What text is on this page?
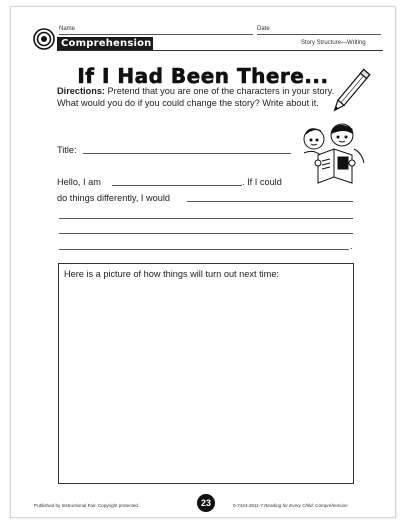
Name	Date
Comprehension	Story Structure—Writing
If I Had Been There...
Directions: Pretend that you are one of the characters in your story. What would you do if you could change the story? Write about it.
Title:
Hello, I am	. If I could
do things differently, I would
.
Here is a picture of how things will turn out next time:
Published by Instructional Fair. Copyright protected.	23	0-7424-2811-7 Reading for Every Child: Comprehension
